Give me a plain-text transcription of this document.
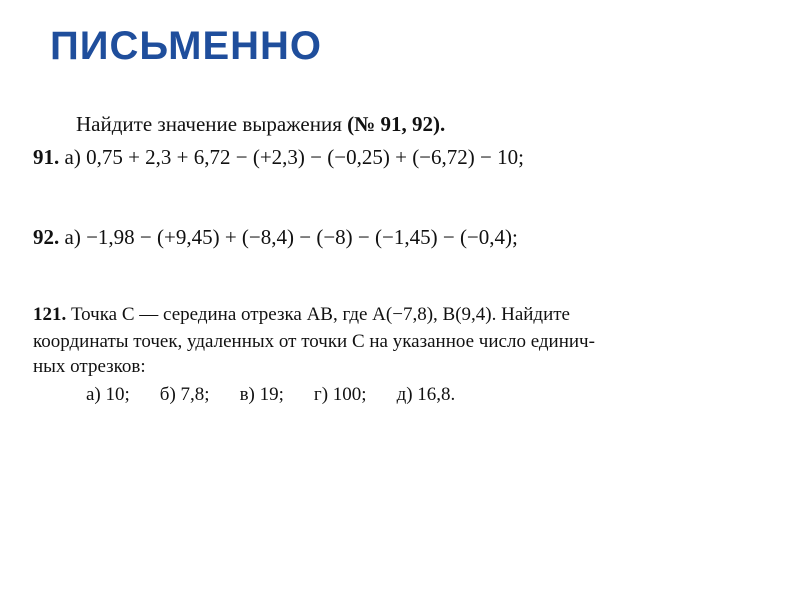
ПИСЬМЕННО
Найдите значение выражения (№ 91, 92).
91. а) 0,75 + 2,3 + 6,72 − (+2,3) − (−0,25) + (−6,72) − 10;
92. а) −1,98 − (+9,45) + (−8,4) − (−8) − (−1,45) − (−0,4);
121. Точка C — середина отрезка AB, где A(−7,8), B(9,4). Найдите
координаты точек, удаленных от точки C на указанное число единич-
ных отрезков:
а) 10; б) 7,8; в) 19; г) 100; д) 16,8.
